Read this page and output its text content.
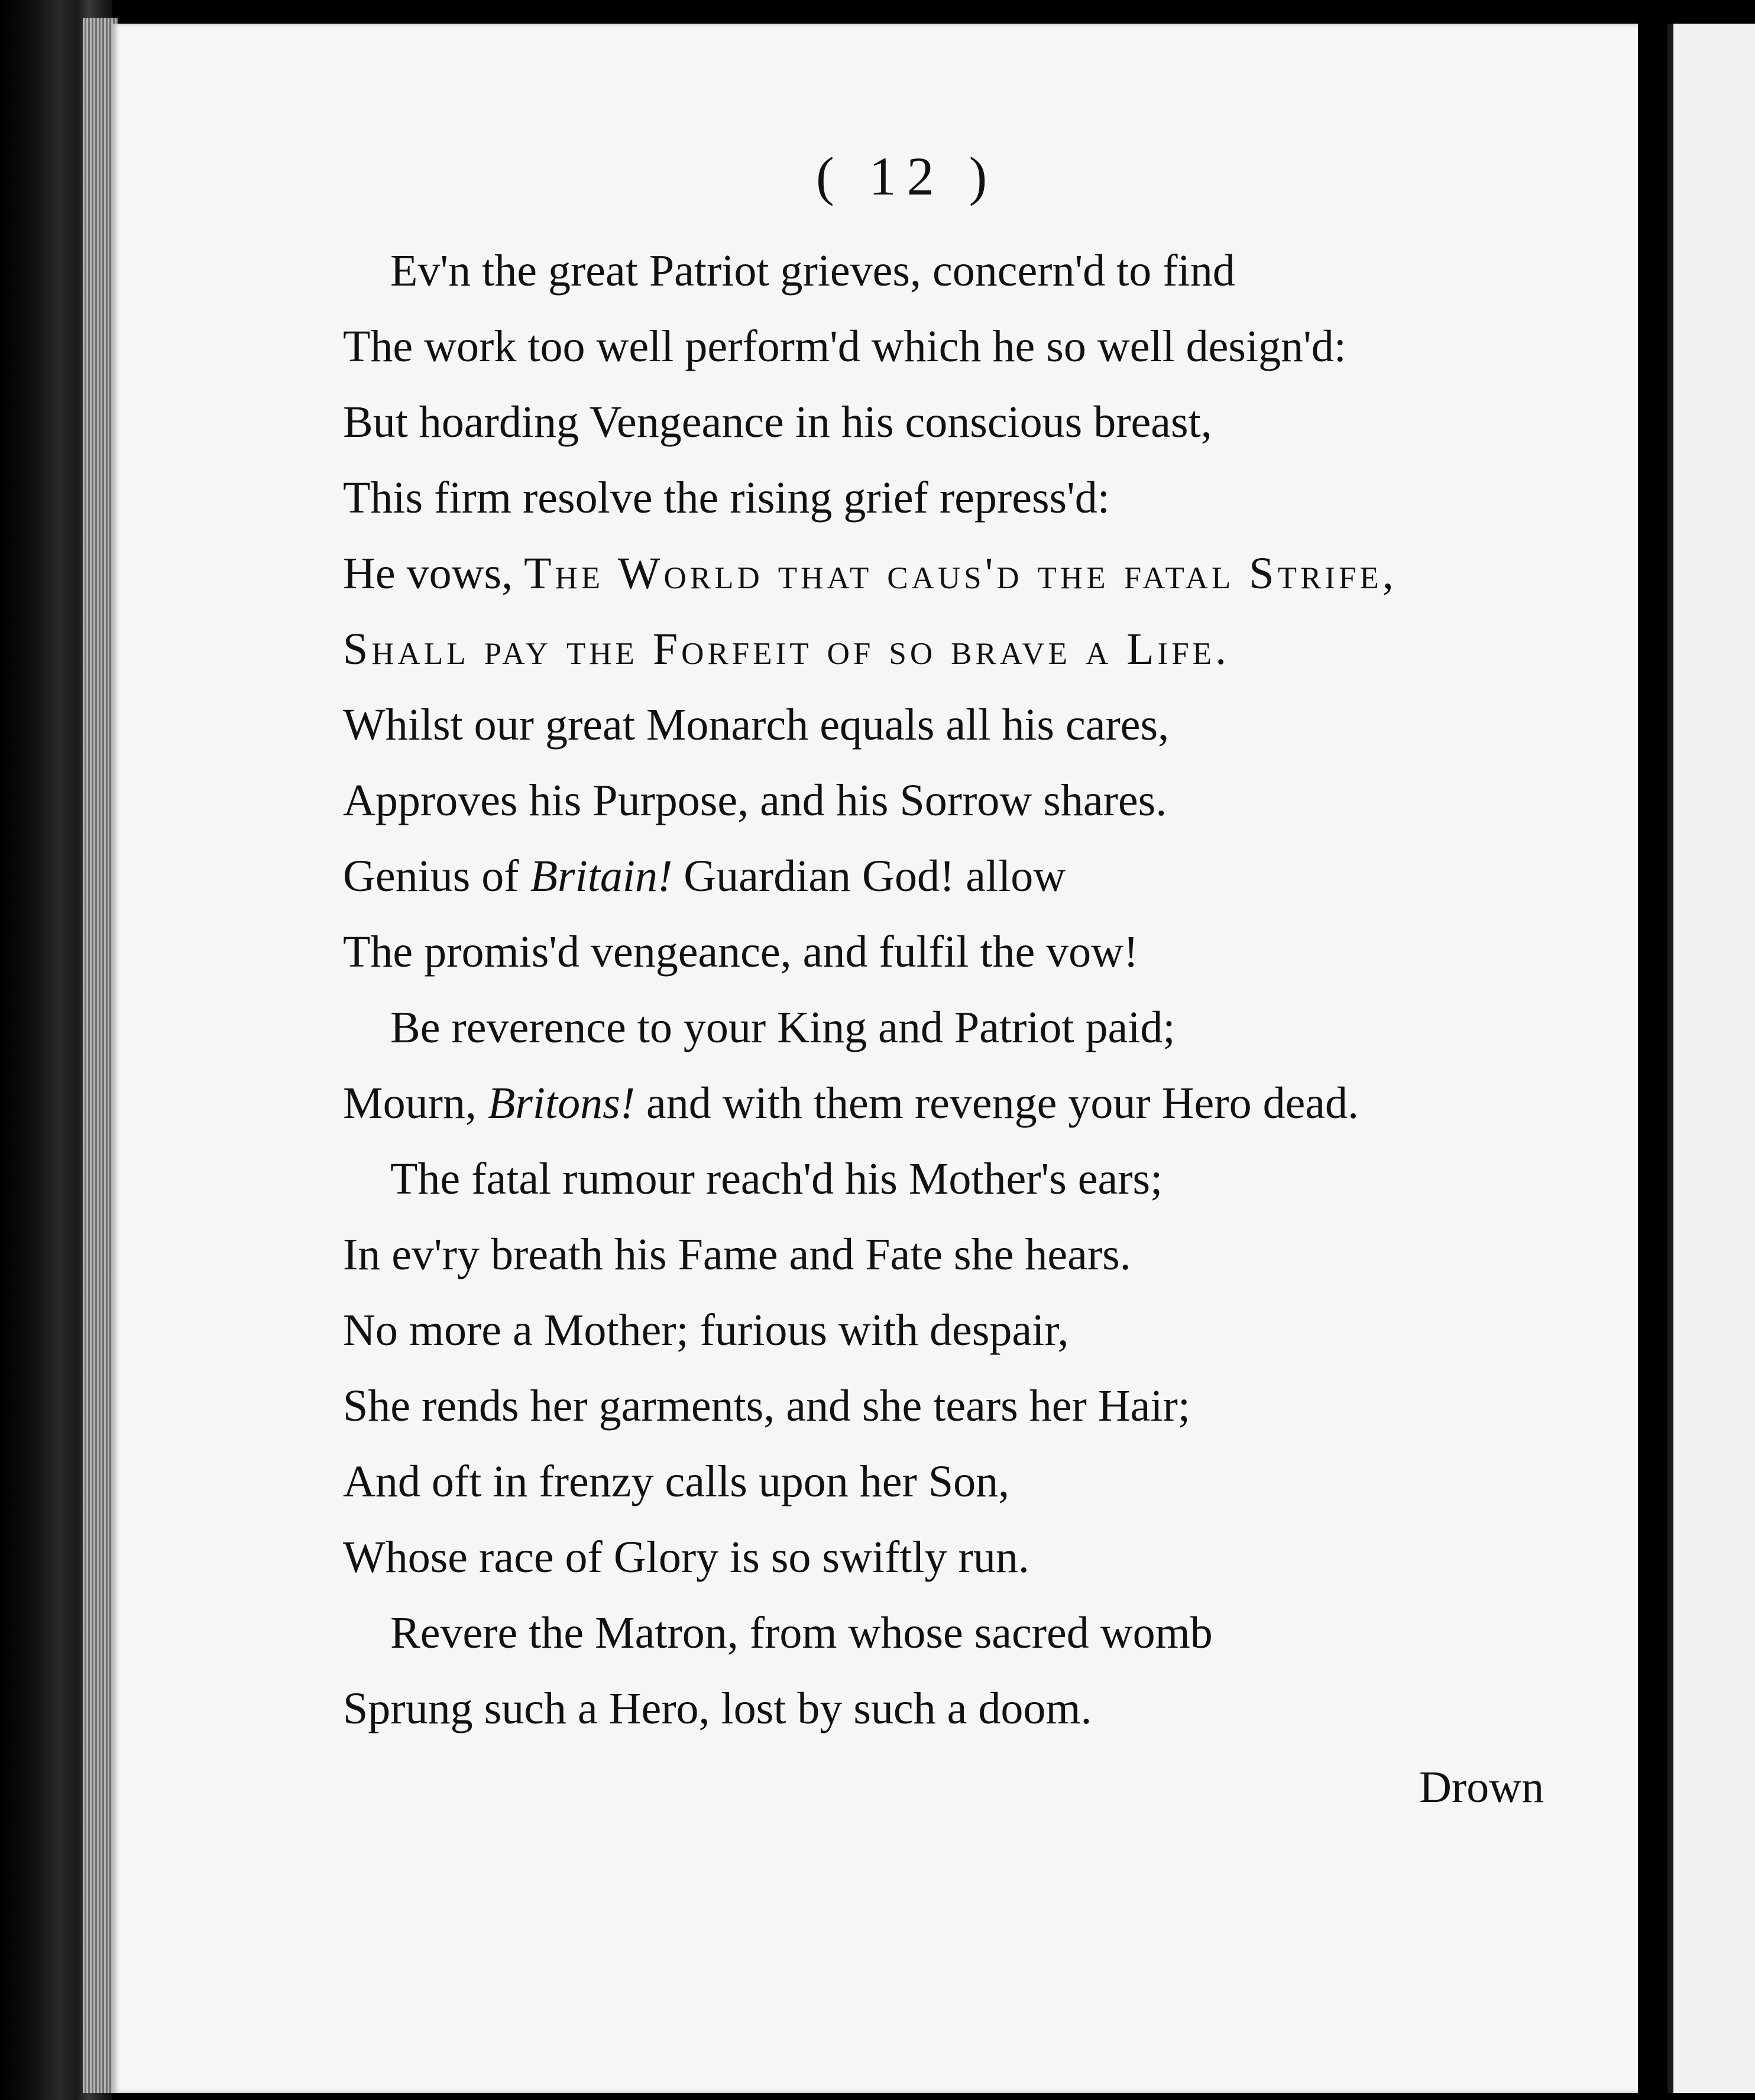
( 12 )
Ev'n the great Patriot grieves, concern'd to find
The work too well perform'd which he so well design'd:
But hoarding Vengeance in his conscious breast,
This firm resolve the rising grief repress'd:
He vows, The World that caus'd the fatal Strife,
Shall pay the Forfeit of so brave a Life.
Whilst our great Monarch equals all his cares,
Approves his Purpose, and his Sorrow shares.
Genius of Britain! Guardian God! allow
The promis'd vengeance, and fulfil the vow!
Be reverence to your King and Patriot paid;
Mourn, Britons! and with them revenge your Hero dead.
The fatal rumour reach'd his Mother's ears;
In ev'ry breath his Fame and Fate she hears.
No more a Mother; furious with despair,
She rends her garments, and she tears her Hair;
And oft in frenzy calls upon her Son,
Whose race of Glory is so swiftly run.
Revere the Matron, from whose sacred womb
Sprung such a Hero, lost by such a doom.
Drown
